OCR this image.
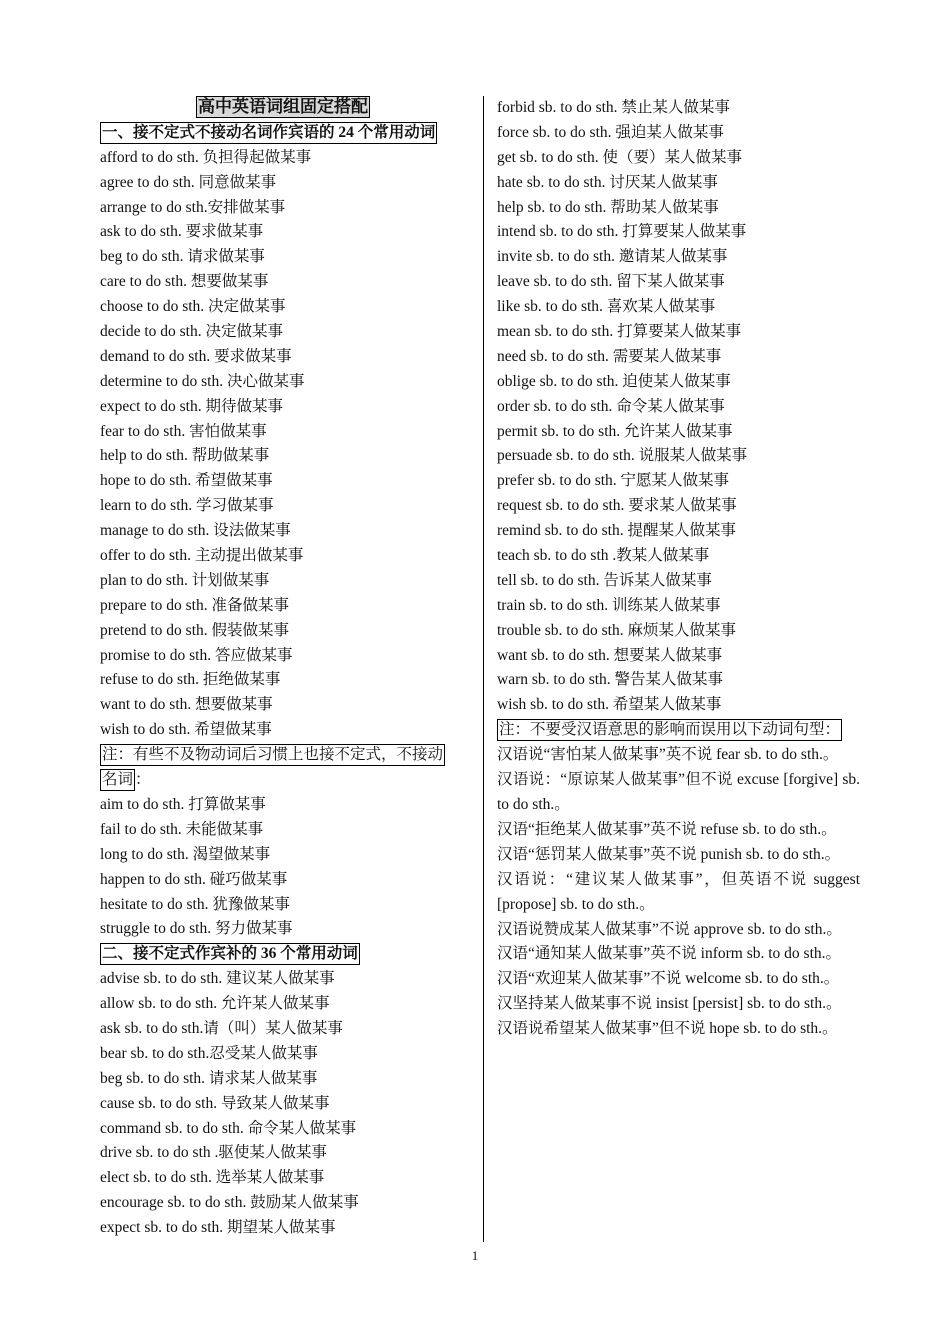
高中英语词组固定搭配
一、接不定式不接动名词作宾语的 24 个常用动词
afford to do sth. 负担得起做某事
agree to do sth. 同意做某事
arrange to do sth.安排做某事
ask to do sth. 要求做某事
beg to do sth. 请求做某事
care to do sth. 想要做某事
choose to do sth. 决定做某事
decide to do sth. 决定做某事
demand to do sth. 要求做某事
determine to do sth. 决心做某事
expect to do sth. 期待做某事
fear to do sth. 害怕做某事
help to do sth. 帮助做某事
hope to do sth. 希望做某事
learn to do sth. 学习做某事
manage to do sth. 设法做某事
offer to do sth. 主动提出做某事
plan to do sth. 计划做某事
prepare to do sth. 准备做某事
pretend to do sth. 假装做某事
promise to do sth. 答应做某事
refuse to do sth. 拒绝做某事
want to do sth. 想要做某事
wish to do sth. 希望做某事
注：有些不及物动词后习惯上也接不定式，不接动
名词 ：
aim to do sth. 打算做某事
fail to do sth. 未能做某事
long to do sth. 渴望做某事
happen to do sth. 碰巧做某事
hesitate to do sth. 犹豫做某事
struggle to do sth. 努力做某事
二、接不定式作宾补的 36 个常用动词
advise sb. to do sth. 建议某人做某事
allow sb. to do sth. 允许某人做某事
ask sb. to do sth.请（叫）某人做某事
bear sb. to do sth.忍受某人做某事
beg sb. to do sth. 请求某人做某事
cause sb. to do sth. 导致某人做某事
command sb. to do sth. 命令某人做某事
drive sb. to do sth .驱使某人做某事
elect sb. to do sth. 选举某人做某事
encourage sb. to do sth. 鼓励某人做某事
expect sb. to do sth. 期望某人做某事
forbid sb. to do sth. 禁止某人做某事
force sb. to do sth. 强迫某人做某事
get sb. to do sth. 使（要）某人做某事
hate sb. to do sth. 讨厌某人做某事
help sb. to do sth. 帮助某人做某事
intend sb. to do sth. 打算要某人做某事
invite sb. to do sth. 邀请某人做某事
leave sb. to do sth. 留下某人做某事
like sb. to do sth. 喜欢某人做某事
mean sb. to do sth. 打算要某人做某事
need sb. to do sth. 需要某人做某事
oblige sb. to do sth. 迫使某人做某事
order sb. to do sth. 命令某人做某事
permit sb. to do sth. 允许某人做某事
persuade sb. to do sth. 说服某人做某事
prefer sb. to do sth. 宁愿某人做某事
request sb. to do sth. 要求某人做某事
remind sb. to do sth. 提醒某人做某事
teach sb. to do sth .教某人做某事
tell sb. to do sth. 告诉某人做某事
train sb. to do sth. 训练某人做某事
trouble sb. to do sth. 麻烦某人做某事
want sb. to do sth. 想要某人做某事
warn sb. to do sth. 警告某人做某事
wish sb. to do sth. 希望某人做某事
注：不要受汉语意思的影响而误用以下动词句型：
汉语说“害怕某人做某事”英不说 fear sb. to do sth.。
汉语说：“原谅某人做某事”但不说 excuse [forgive] sb. to do sth.。
汉语“拒绝某人做某事”英不说 refuse sb. to do sth.。
汉语“惩罚某人做某事”英不说 punish sb. to do sth.。
汉语说：“建议某人做某事”，但英语不说 suggest [propose] sb. to do sth.。
汉语说赞成某人做某事”不说 approve sb. to do sth.。
汉语“通知某人做某事”英不说 inform sb. to do sth.。
汉语“欢迎某人做某事”不说 welcome sb. to do sth.。
汉坚持某人做某事不说 insist [persist] sb. to do sth.。
汉语说希望某人做某事”但不说 hope sb. to do sth.。
1
